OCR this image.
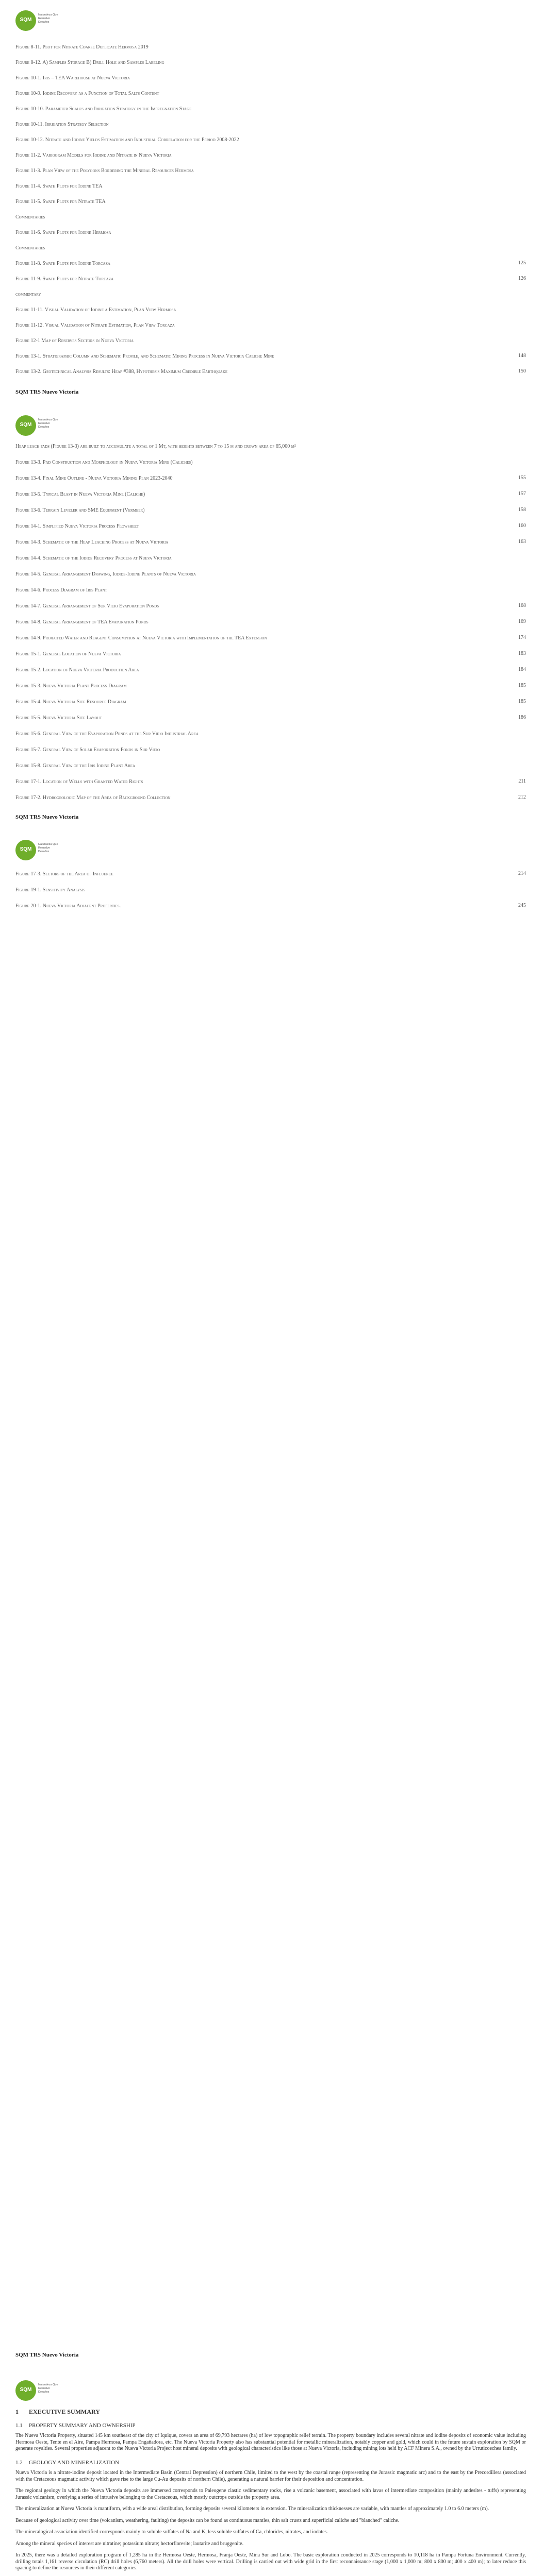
SQM
Naturaleza Que Resuelve Desafios
Figure 8-11. Plot for Nitrate Coarse Duplicate Hermosa 2019
Figure 8-12. A) Samples Storage B) Drill Hole and Samples Labeling
Figure 10-1. Iris – TEA Warehouse at Nueva Victoria
Figure 10-9. Iodine Recovery as a Function of Total Salts Content
Figure 10-10. Parameter Scales and Irrigation Strategy in the Impregnation Stage
Figure 10-11. Irrigation Strategy Selection
Figure 10-12. Nitrate and Iodine Yields Estimation and Industrial Correlation for the Period 2008-2022
Figure 11-2. Variogram Models for Iodine and Nitrate in Nueva Victoria
Figure 11-3. Plan View of the Polygons Bordering the Mineral Resources Hermosa
Figure 11-4. Swath Plots for Iodine TEA
Figure 11-5. Swath Plots for Nitrate TEA
Commentaries
Figure 11-6. Swath Plots for Iodine Hermosa
Commentaries
Figure 11-8. Swath Plots for Iodine Torcaza	125
Figure 11-9. Swath Plots for Nitrate Torcaza	126
commentary
Figure 11-11. Visual Validation of Iodine a Estimation, Plan View Hermosa
Figure 11-12. Visual Validation of Nitrate Estimation, Plan View Torcaza
Figure 12-1 Map of Reserves Sectors in Nueva Victoria
Figure 13-1. Stratigraphic Column and Schematic Profile, and Schematic Mining Process in Nueva Victoria Caliche Mine	148
Figure 13-2. Geotechnical Analysis Results: Heap #388, Hypothesis Maximum Credible Earthquake	150
SQM TRS Nuevo Victoria
SQM
Naturaleza Que Resuelve Desafios
Heap leach pads (Figure 13-3) are built to accumulate a total of 1 Mt, with heights between 7 to 15 m and crown area of 65,000 m²
Figure 13-3. Pad Construction and Morphology in Nueva Victoria Mine (Caliches)
Figure 13-4. Final Mine Outline - Nueva Victoria Mining Plan 2023-2040	155
Figure 13-5. Typical Blast in Nueva Victoria Mine (Caliche)	157
Figure 13-6. Terrain Leveler and SME Equipment (Vermeer)	158
Figure 14-1. Simplified Nueva Victoria Process Flowsheet	160
Figure 14-3. Schematic of the Heap Leaching Process at Nueva Victoria	163
Figure 14-4. Schematic of the Iodide Recovery Process at Nueva Victoria
Figure 14-5. General Arrangement Drawing, Iodide-Iodine Plants of Nueva Victoria
Figure 14-6. Process Diagram of Iris Plant
Figure 14-7. General Arrangement of Sur Viejo Evaporation Ponds	168
Figure 14-8. General Arrangement of TEA Evaporation Ponds	169
Figure 14-9. Projected Water and Reagent Consumption at Nueva Victoria with Implementation of the TEA Extension	174
Figure 15-1. General Location of Nueva Victoria	183
Figure 15-2. Location of Nueva Victoria Production Area	184
Figure 15-3. Nueva Victoria Plant Process Diagram	185
Figure 15-4. Nueva Victoria Site Resource Diagram	185
Figure 15-5. Nueva Victoria Site Layout	186
Figure 15-6. General View of the Evaporation Ponds at the Sur Viejo Industrial Area
Figure 15-7. General View of Solar Evaporation Ponds in Sur Viejo
Figure 15-8. General View of the Iris Iodine Plant Area
Figure 17-1. Location of Wells with Granted Water Rights	211
Figure 17-2. Hydrogeologic Map of the Area of Background Collection	212
SQM TRS Nuevo Victoria
SQM
Naturaleza Que Resuelve Desafios
Figure 17-3. Sectors of the Area of Influence	214
Figure 19-1. Sensitivity Analysis
Figure 20-1. Nueva Victoria Adjacent Properties.	245
SQM TRS Nuevo Victoria
SQM
Naturaleza Que Resuelve Desafios
1 EXECUTIVE SUMMARY
1.1 PROPERTY SUMMARY AND OWNERSHIP

The Nueva Victoria Property, situated 145 km southeast of the city of Iquique, covers an area of 69,793 hectares (ha) of low topographic relief terrain. The property boundary includes several nitrate and iodine deposits of economic value including Hermosa Oeste, Tente en el Aire, Pampa Hermosa, Pampa Engañadora, etc. The Nueva Victoria Property also has substantial potential for metallic mineralization, notably copper and gold, which could in the future sustain exploration by SQM or generate royalties. Several properties adjacent to the Nueva Victoria Project host mineral deposits with geological characteristics like those at Nueva Victoria, including mining lots held by ACF Minera S.A., owned by the Urruticoechea family.

1.2 GEOLOGY AND MINERALIZATION

Nueva Victoria is a nitrate-iodine deposit located in the Intermediate Basin (Central Depression) of northern Chile, limited to the west by the coastal range (representing the Jurassic magmatic arc) and to the east by the Precordillera (associated with the Cretaceous magmatic activity which gave rise to the large Cu-Au deposits of northern Chile), generating a natural barrier for their deposition and concentration.

The regional geology in which the Nueva Victoria deposits are immersed corresponds to Paleogene clastic sedimentary rocks, rise a volcanic basement, associated with lavas of intermediate composition (mainly andesites - tuffs) representing Jurassic volcanism, overlying a series of intrusive belonging to the Cretaceous, which mostly outcrops outside the property area.

The mineralization at Nueva Victoria is mantiform, with a wide areal distribution, forming deposits several kilometers in extension. The mineralization thicknesses are variable, with mantles of approximately 1.0 to 6.0 meters (m).

Because of geological activity over time (volcanism, weathering, faulting) the deposits can be found as continuous mantles, thin salt crusts and superficial caliche and "blanched" caliche.

The mineralogical association identified corresponds mainly to soluble sulfates of Na and K, less soluble sulfates of Ca, chlorides, nitrates, and iodates.

Among the mineral species of interest are nitratine; potassium nitrate; hectorfloresite; lautarite and bruggenite.

In 2025, there was a detailed exploration program of 1,285 ha in the Hermosa Oeste, Hermosa, Franja Oeste, Mina Sur and Lobo. The basic exploration conducted in 2025 corresponds to 10,118 ha in Pampa Fortuna Environment. Currently, drilling totals 1,161 reverse circulation (RC) drill holes (6,760 meters). All the drill holes were vertical. Drilling is carried out with wide grid in the first reconnaissance stage (1,000 x 1,000 m; 800 x 800 m; 400 x 400 m); to later reduce this spacing to define the resources in their different categories.
